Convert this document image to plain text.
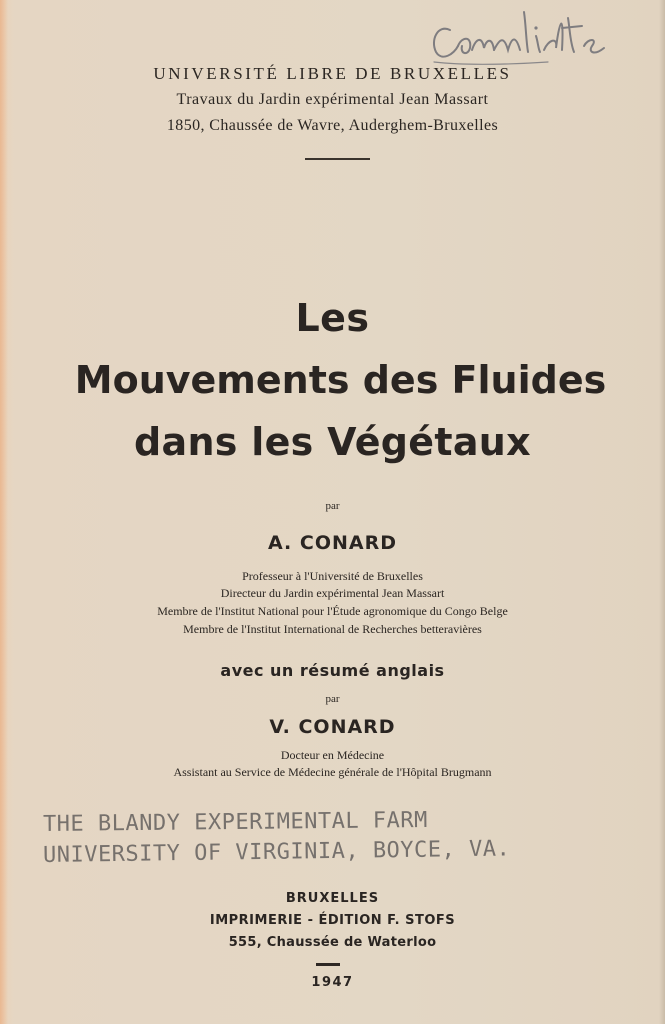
UNIVERSITÉ LIBRE DE BRUXELLES
Travaux du Jardin expérimental Jean Massart
1850, Chaussée de Wavre, Auderghem-Bruxelles
Les
Mouvements des Fluides
dans les Végétaux
par
A. CONARD
Professeur à l'Université de Bruxelles
Directeur du Jardin expérimental Jean Massart
Membre de l'Institut National pour l'Étude agronomique du Congo Belge
Membre de l'Institut International de Recherches betteravières
avec un résumé anglais
par
V. CONARD
Docteur en Médecine
Assistant au Service de Médecine générale de l'Hôpital Brugmann
THE BLANDY EXPERIMENTAL FARM
UNIVERSITY OF VIRGINIA, BOYCE, VA.
BRUXELLES
IMPRIMERIE - ÉDITION F. STOFS
555, Chaussée de Waterloo
1947
